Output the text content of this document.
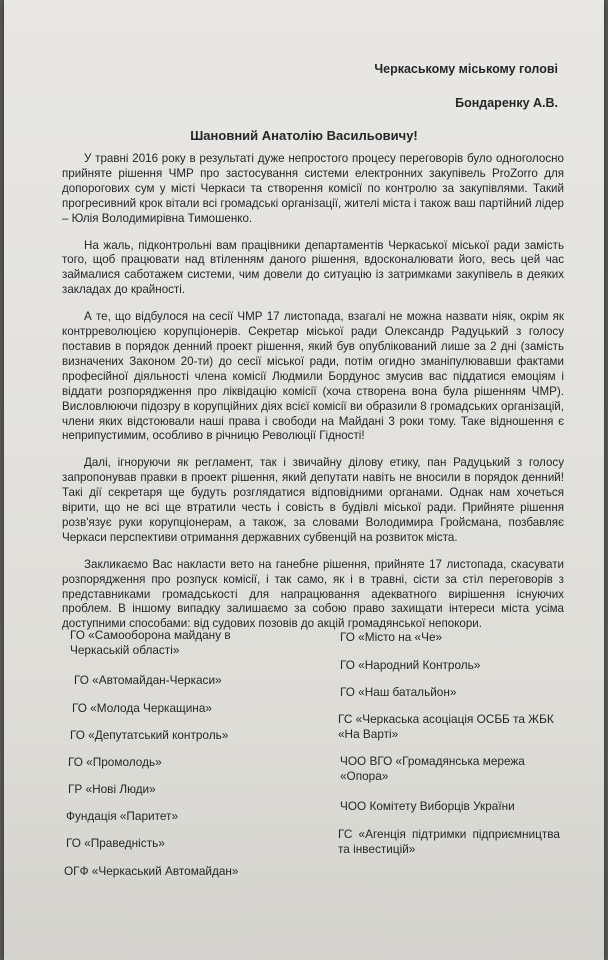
Черкаському міському голові
Бондаренку А.В.
Шановний Анатолію Васильовичу!

У травні 2016 року в результаті дуже непростого процесу переговорів було одноголосно прийняте рішення ЧМР про застосування системи електронних закупівель ProZorro для допорогових сум у місті Черкаси та створення комісії по контролю за закупівлями. Такий прогресивний крок вітали всі громадські організації, жителі міста і також ваш партійний лідер – Юлія Володимирівна Тимошенко.

На жаль, підконтрольні вам працівники департаментів Черкаської міської ради замість того, щоб працювати над втіленням даного рішення, вдосконалювати його, весь цей час займалися саботажем системи, чим довели до ситуацію із затримками закупівель в деяких закладах до крайності.

А те, що відбулося на сесії ЧМР 17 листопада, взагалі не можна назвати ніяк, окрім як контрреволюцією корупціонерів. Секретар міської ради Олександр Радуцький з голосу поставив в порядок денний проект рішення, який був опублікований лише за 2 дні (замість визначених Законом 20-ти) до сесії міської ради, потім огидно зманіпулювавши фактами професійної діяльності члена комісії Людмили Бордунос змусив вас піддатися емоціям і віддати розпорядження про ліквідацію комісії (хоча створена вона була рішенням ЧМР). Висловлюючи підозру в корупційних діях всієї комісії ви образили 8 громадських організацій, члени яких відстоювали наші права і свободи на Майдані 3 роки тому. Таке відношення є неприпустимим, особливо в річницю Революції Гідності!

Далі, ігноруючи як регламент, так і звичайну ділову етику, пан Радуцький з голосу запропонував правки в проект рішення, який депутати навіть не вносили в порядок денний! Такі дії секретаря ще будуть розглядатися відповідними органами. Однак нам хочеться вірити, що не всі ще втратили честь і совість в будівлі міської ради. Прийняте рішення розв'язує руки корупціонерам, а також, за словами Володимира Гройсмана, позбавляє Черкаси перспективи отримання державних субвенцій на розвиток міста.

Закликаємо Вас накласти вето на ганебне рішення, прийняте 17 листопада, скасувати розпорядження про розпуск комісії, і так само, як і в травні, сісти за стіл переговорів з представниками громадськості для напрацювання адекватного вирішення існуючих проблем. В іншому випадку залишаємо за собою право захищати інтереси міста усіма доступними способами: від судових позовів до акцій громадянської непокори.

ГО «Самооборона майдану в Черкаській області»
ГО «Автомайдан-Черкаси»
ГО «Молода Черкащина»
ГО «Депутатський контроль»
ГО «Промолодь»
ГР «Нові Люди»
Фундація «Паритет»
ГО «Праведність»
ОГФ «Черкаський Автомайдан»
ГО «Місто на «Че»
ГО «Народний Контроль»
ГО «Наш батальйон»
ГС «Черкаська асоціація ОСББ та ЖБК «На Варті»
ЧОО ВГО «Громадянська мережа «Опора»
ЧОО Комітету Виборців України
ГС «Агенція підтримки підприємництва та інвестицій»
